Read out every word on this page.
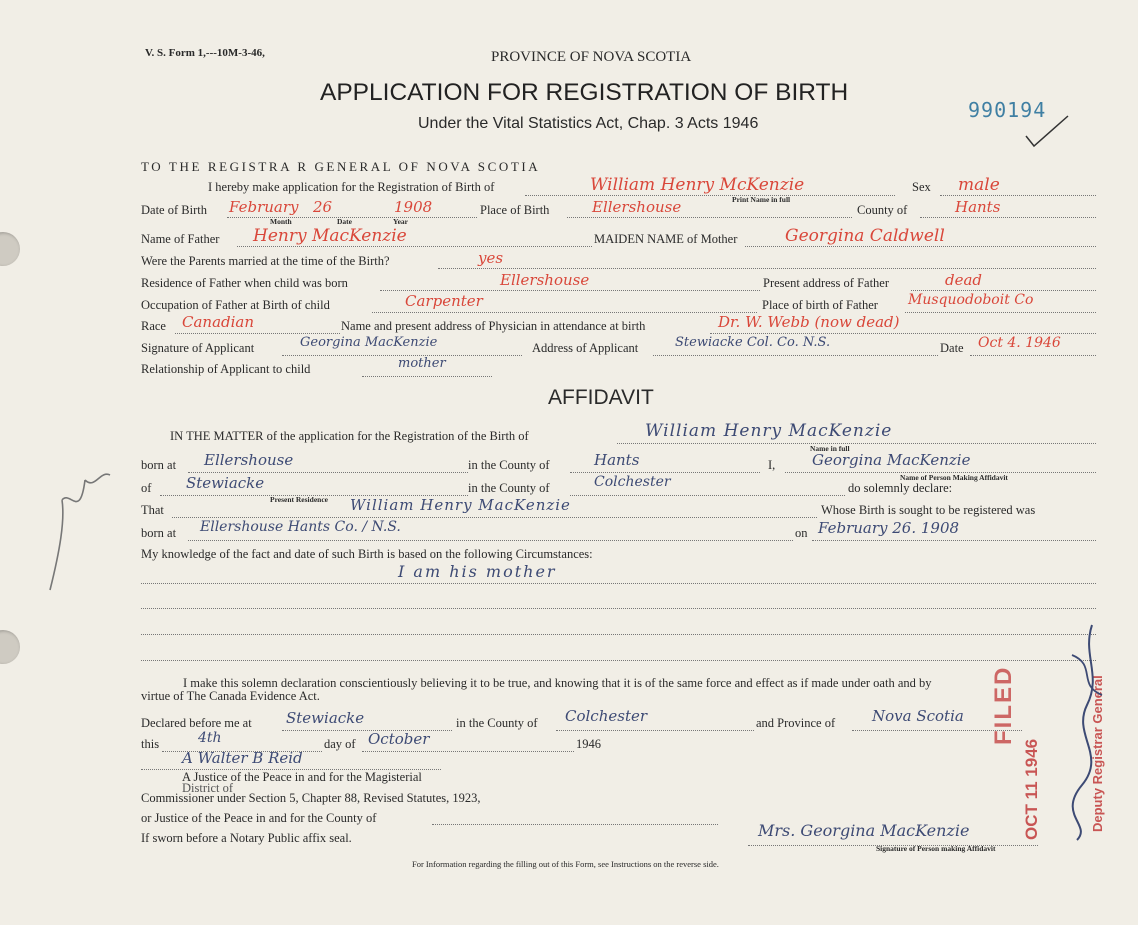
V. S. Form 1,---10M-3-46,	PROVINCE OF NOVA SCOTIA
APPLICATION FOR REGISTRATION OF BIRTH
Under the Vital Statistics Act, Chap. 3 Acts 1946
990194
TO THE REGISTRA R GENERAL OF NOVA SCOTIA
I hereby make application for the Registration of Birth of	William Henry McKenzie
Print Name in full
Sex male
Date of Birth February 26	1908
Month	Date	Year
Place of Birth	Ellershouse	County of	Hants
Name of Father Henry MacKenzie	MAIDEN NAME of Mother	Georgina Caldwell
Were the Parents married at the time of the Birth?	yes
Residence of Father when child was born	Ellershouse	Present address of Father	dead
Occupation of Father at Birth of child	Carpenter	Place of birth of Father Musquodoboit Co
Race Canadian	Name and present address of Physician in attendance at birth	Dr. W. Webb (now dead)
Signature of Applicant	Georgina MacKenzie	Address of Applicant	Stewiacke Col. Co. N.S.	Date Oct 4. 1946
Relationship of Applicant to child	mother
AFFIDAVIT
IN THE MATTER of the application for the Registration of the Birth of	William Henry MacKenzie
Name in full
born at Ellershouse	in the County of	Hants	I, Georgina MacKenzie
Name of Person Making Affidavit
of Stewiacke
Present Residence
in the County of	Colchester	do solemnly declare:
That	William Henry MacKenzie	Whose Birth is sought to be registered was
born at Ellershouse Hants Co. / N.S.	on February 26. 1908
My knowledge of the fact and date of such Birth is based on the following Circumstances:
I am his mother
I make this solemn declaration conscientiously believing it to be true, and knowing that it is of the same force and effect as if made under oath and by
virtue of The Canada Evidence Act.
Declared before me at Stewiacke	in the County of Colchester	and Province of Nova Scotia
this	4th	day of October	1946
A Walter B Reid
A Justice of the Peace in and for the Magisterial
District of
Commissioner under Section 5, Chapter 88, Revised Statutes, 1923,
or Justice of the Peace in and for the County of
If sworn before a Notary Public affix seal.	Mrs. Georgina MacKenzie
Signature of Person making Affidavit
For Information regarding the filling out of this Form, see Instructions on the reverse side.
FILED
OCT 11 1946	Deputy Registrar General
